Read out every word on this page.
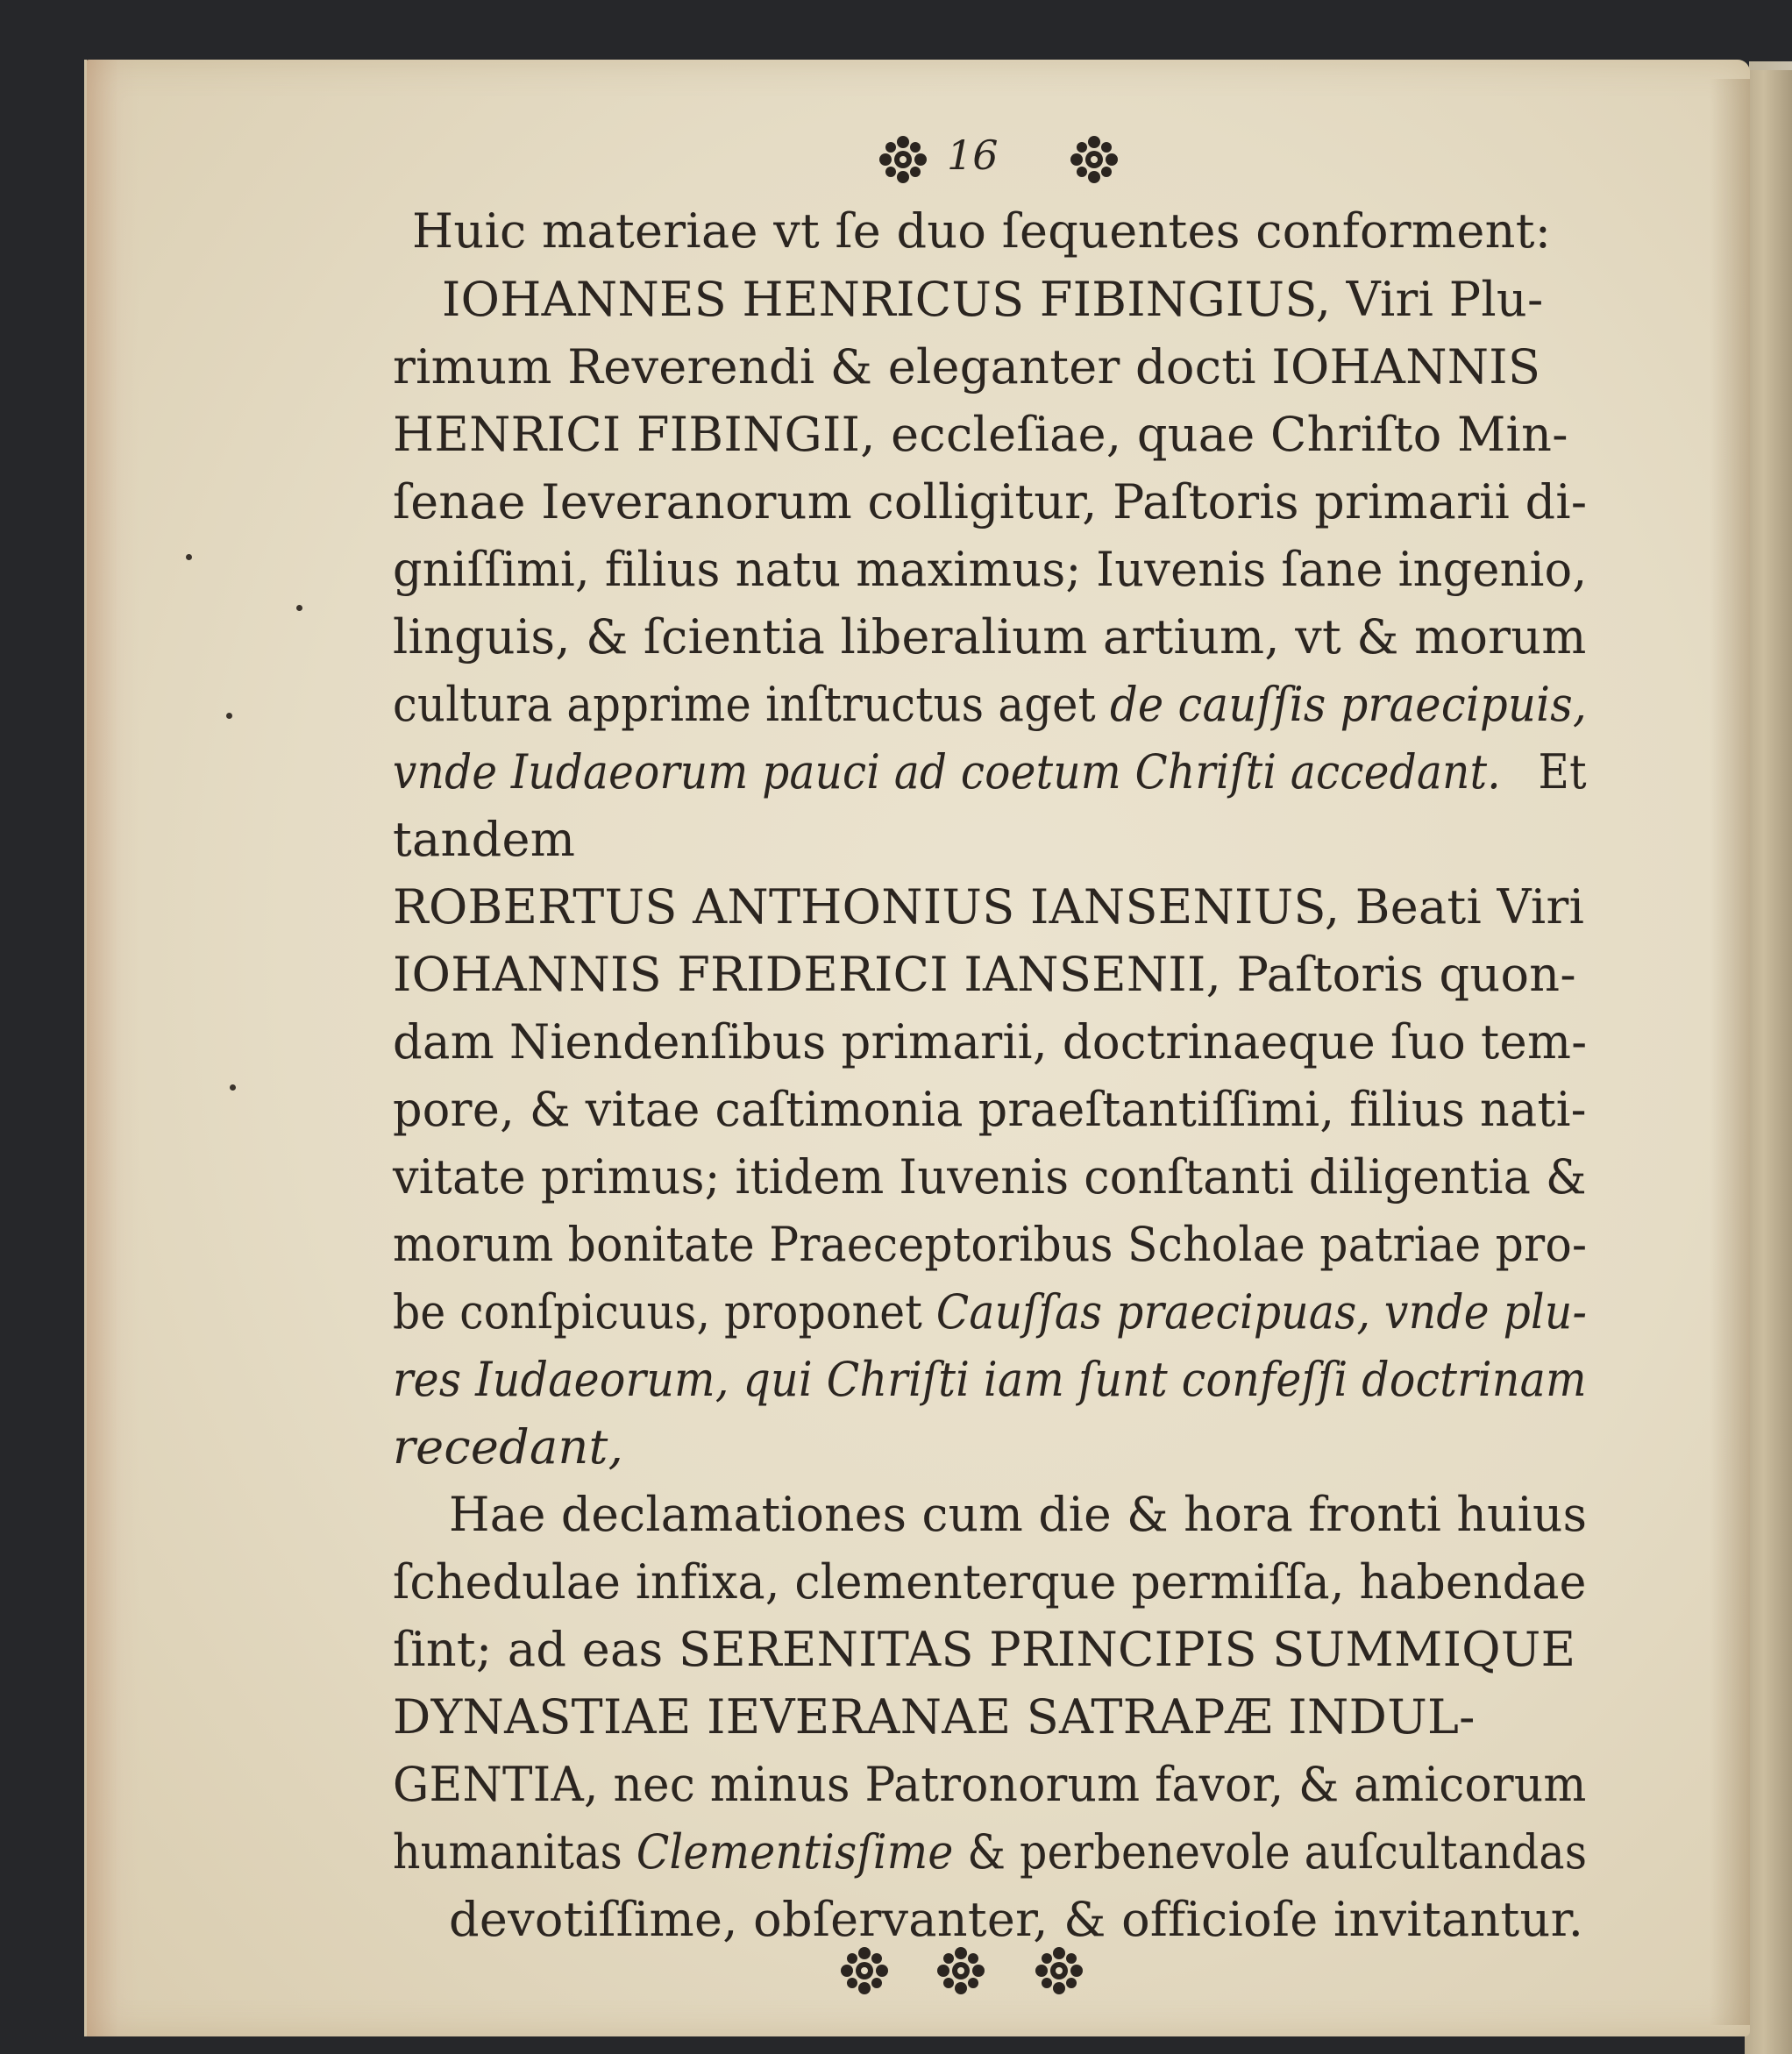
16
Huic materiae vt ſe duo ſequentes conforment:
IOHANNES HENRICUS FIBINGIUS, Viri Plu-
rimum Reverendi & eleganter docti IOHANNIS
HENRICI FIBINGII, eccleſiae, quae Chriſto Min-
ſenae Ieveranorum colligitur, Paſtoris primarii di-
gniſſimi, filius natu maximus; Iuvenis ſane ingenio,
linguis, & ſcientia liberalium artium, vt & morum
cultura apprime inſtructus aget de cauſſis praecipuis,
vnde Iudaeorum pauci ad coetum Chriſti accedant. Et
tandem
ROBERTUS ANTHONIUS IANSENIUS, Beati Viri
IOHANNIS FRIDERICI IANSENII, Paſtoris quon-
dam Niendenſibus primarii, doctrinaeque ſuo tem-
pore, & vitae caſtimonia praeſtantiſſimi, filius nati-
vitate primus; itidem Iuvenis conſtanti diligentia &
morum bonitate Praeceptoribus Scholae patriae pro-
be conſpicuus, proponet Cauſſas praecipuas, vnde plu-
res Iudaeorum, qui Chriſti iam ſunt confeſſi doctrinam
recedant,
Hae declamationes cum die & hora fronti huius
ſchedulae infixa, clementerque permiſſa, habendae
ſint; ad eas SERENITAS PRINCIPIS SUMMIQUE
DYNASTIAE IEVERANAE SATRAPÆ INDUL-
GENTIA, nec minus Patronorum favor, & amicorum
humanitas Clementisſime & perbenevole auſcultandas
devotiſſime, obſervanter, & officioſe invitantur.
